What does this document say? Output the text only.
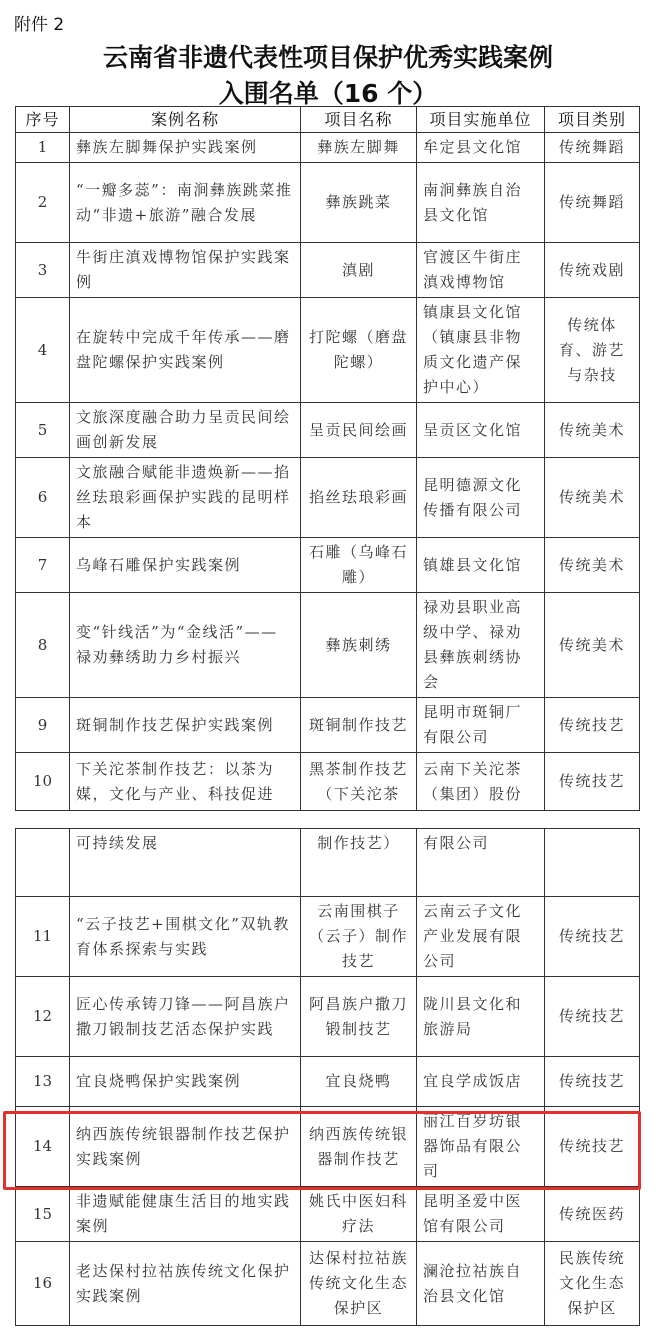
附件 2
云南省非遗代表性项目保护优秀实践案例
入围名单（16 个）
序号	案例名称	项目名称	项目实施单位	项目类别
1	彝族左脚舞保护实践案例	彝族左脚舞	牟定县文化馆	传统舞蹈
2	“一瓣多蕊”：南涧彝族跳菜推动“非遗+旅游”融合发展	彝族跳菜	南涧彝族自治县文化馆	传统舞蹈
3	牛街庄滇戏博物馆保护实践案例	滇剧	官渡区牛街庄滇戏博物馆	传统戏剧
4	在旋转中完成千年传承——磨盘陀螺保护实践案例	打陀螺（磨盘陀螺）	镇康县文化馆（镇康县非物质文化遗产保护中心）	传统体育、游艺与杂技
5	文旅深度融合助力呈贡民间绘画创新发展	呈贡民间绘画	呈贡区文化馆	传统美术
6	文旅融合赋能非遗焕新——掐丝珐琅彩画保护实践的昆明样本	掐丝珐琅彩画	昆明德源文化传播有限公司	传统美术
7	乌峰石雕保护实践案例	石雕（乌峰石雕）	镇雄县文化馆	传统美术
8	变“针线活”为“金线活”——禄劝彝绣助力乡村振兴	彝族刺绣	禄劝县职业高级中学、禄劝县彝族刺绣协会	传统美术
9	斑铜制作技艺保护实践案例	斑铜制作技艺	昆明市斑铜厂有限公司	传统技艺
10	下关沱茶制作技艺：以茶为媒，文化与产业、科技促进	黑茶制作技艺（下关沱茶	云南下关沱茶（集团）股份	传统技艺
	可持续发展	制作技艺）	有限公司	
11	“云子技艺+围棋文化”双轨教育体系探索与实践	云南围棋子（云子）制作技艺	云南云子文化产业发展有限公司	传统技艺
12	匠心传承铸刀锋——阿昌族户撒刀锻制技艺活态保护实践	阿昌族户撒刀锻制技艺	陇川县文化和旅游局	传统技艺
13	宜良烧鸭保护实践案例	宜良烧鸭	宜良学成饭店	传统技艺
14	纳西族传统银器制作技艺保护实践案例	纳西族传统银器制作技艺	丽江百岁坊银器饰品有限公司	传统技艺
15	非遗赋能健康生活目的地实践案例	姚氏中医妇科疗法	昆明圣爱中医馆有限公司	传统医药
16	老达保村拉祜族传统文化保护实践案例	达保村拉祜族传统文化生态保护区	澜沧拉祜族自治县文化馆	民族传统文化生态保护区
